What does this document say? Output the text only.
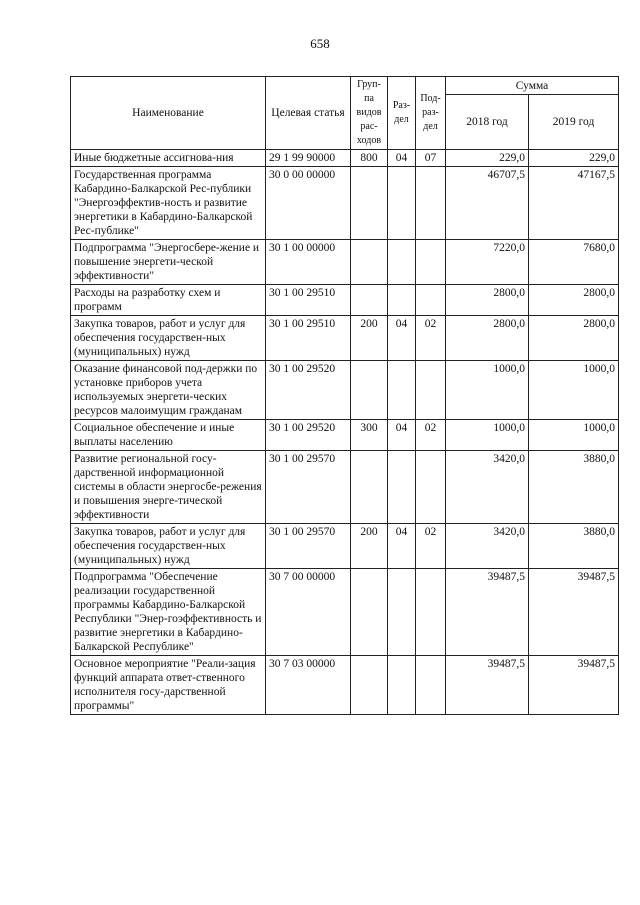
658
Наименование	Целевая статья	Груп-па видов рас-ходов	Раз-дел	Под-раз-дел	Сумма	
					2018 год	2019 год
Иные бюджетные ассигнова-ния	29 1 99 90000	800	04	07	229,0	229,0
Государственная программа Кабардино-Балкарской Рес-публики "Энергоэффектив-ность и развитие энергетики в Кабардино-Балкарской Рес-публике"	30 0 00 00000				46707,5	47167,5
Подпрограмма "Энергосбере-жение и повышение энергети-ческой эффективности"	30 1 00 00000				7220,0	7680,0
Расходы на разработку схем и программ	30 1 00 29510				2800,0	2800,0
Закупка товаров, работ и услуг для обеспечения государствен-ных (муниципальных) нужд	30 1 00 29510	200	04	02	2800,0	2800,0
Оказание финансовой под-держки по установке приборов учета используемых энергети-ческих ресурсов малоимущим гражданам	30 1 00 29520				1000,0	1000,0
Социальное обеспечение и иные выплаты населению	30 1 00 29520	300	04	02	1000,0	1000,0
Развитие региональной госу-дарственной информационной системы в области энергосбе-режения и повышения энерге-тической эффективности	30 1 00 29570				3420,0	3880,0
Закупка товаров, работ и услуг для обеспечения государствен-ных (муниципальных) нужд	30 1 00 29570	200	04	02	3420,0	3880,0
Подпрограмма "Обеспечение реализации государственной программы Кабардино-Балкарской Республики "Энер-гоэффективность и развитие энергетики в Кабардино-Балкарской Республике"	30 7 00 00000				39487,5	39487,5
Основное мероприятие "Реали-зация функций аппарата ответ-ственного исполнителя госу-дарственной программы"	30 7 03 00000				39487,5	39487,5
